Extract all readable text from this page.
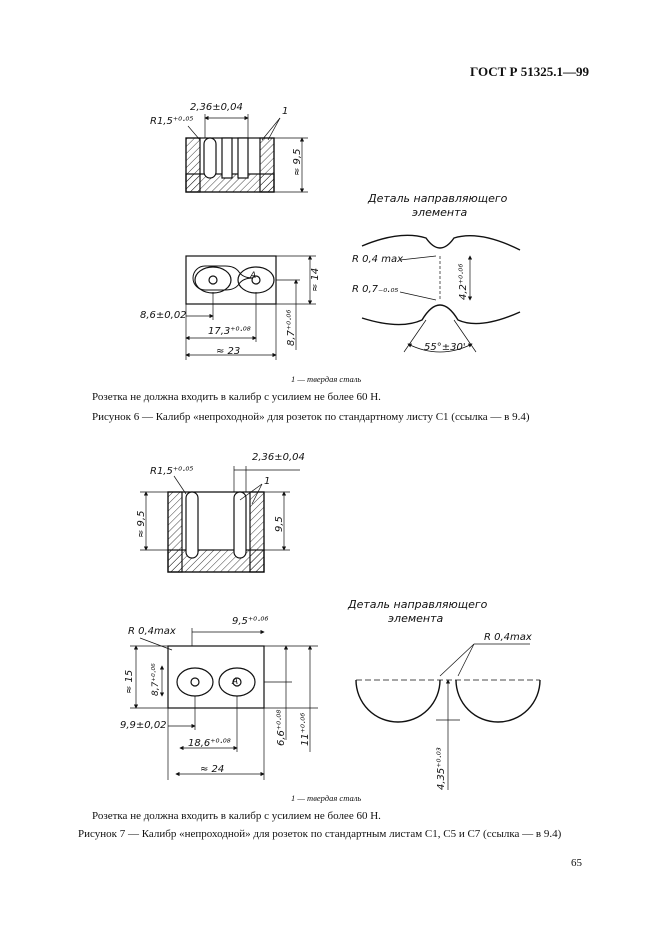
ГОСТ Р 51325.1—99
R1,5⁺⁰·⁰⁵
2,36±0,04	1
≈ 9,5
A	≈ 14
8,6±0,02
17,3⁺⁰·⁰⁸
≈ 23
8,7⁺⁰·⁰⁶
Деталь направляющего
элемента
R 0,4 max
R 0,7₋₀.₀₅	4,2⁺⁰·⁰⁶
55°±30'
R1,5⁺⁰·⁰⁵
2,36±0,04
1
≈ 9,5	9,5
R 0,4max
9,5⁺⁰·⁰⁶
A
≈ 15 8,7⁺⁰·⁰⁶
9,9±0,02
18,6⁺⁰·⁰⁸
≈ 24
6,6⁺⁰·⁰⁸ 11⁺⁰·⁰⁶
Деталь направляющего
элемента
R 0,4max
4,35⁺⁰·⁰³
1 — твердая сталь
Розетка не должна входить в калибр с усилием не более 60 Н.
Рисунок 6 — Калибр «непроходной» для розеток по стандартному листу С1 (ссылка — в 9.4)
1 — твердая сталь
Розетка не должна входить в калибр с усилием не более 60 Н.
Рисунок 7 — Калибр «непроходной» для розеток по стандартным листам С1, С5 и С7 (ссылка — в 9.4)
65
